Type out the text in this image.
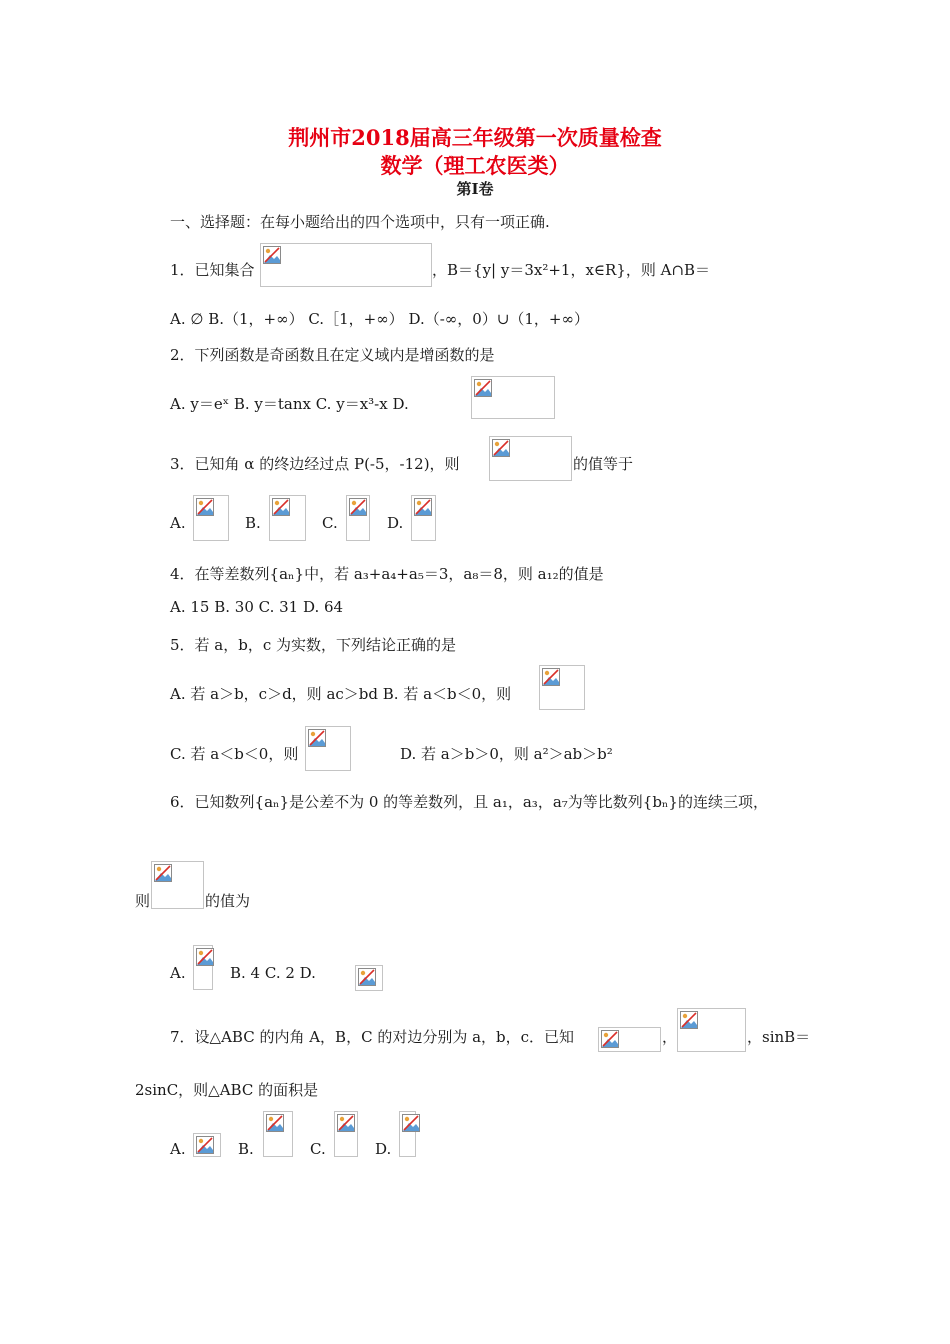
荆州市2018届高三年级第一次质量检查
数学（理工农医类）
第Ⅰ卷
一、选择题：在每小题给出的四个选项中，只有一项正确.
1．已知集合	，B＝{y| y＝3x²+1，x∈R}，则 A∩B＝
A. ∅ B.（1，+∞） C.［1，+∞） D.（-∞，0）∪（1，+∞）
2．下列函数是奇函数且在定义域内是增函数的是
A. y＝eˣ B. y＝tanx C. y＝x³-x D.
3．已知角 α 的终边经过点 P(-5，-12)，则	的值等于
A.	B.	C.	D.
4．在等差数列{aₙ}中，若 a₃+a₄+a₅＝3，a₈＝8，则 a₁₂的值是
A. 15 B. 30 C. 31 D. 64
5．若 a，b，c 为实数，下列结论正确的是
A. 若 a＞b，c＞d，则 ac＞bd B. 若 a＜b＜0，则
C. 若 a＜b＜0，则	D. 若 a＞b＞0，则 a²＞ab＞b²
6．已知数列{aₙ}是公差不为 0 的等差数列，且 a₁，a₃，a₇为等比数列{bₙ}的连续三项，
则	的值为
A.	B. 4 C. 2 D.
7．设△ABC 的内角 A，B，C 的对边分别为 a，b，c．已知	，	，sinB＝
2sinC，则△ABC 的面积是
A.	B.	C.	D.
